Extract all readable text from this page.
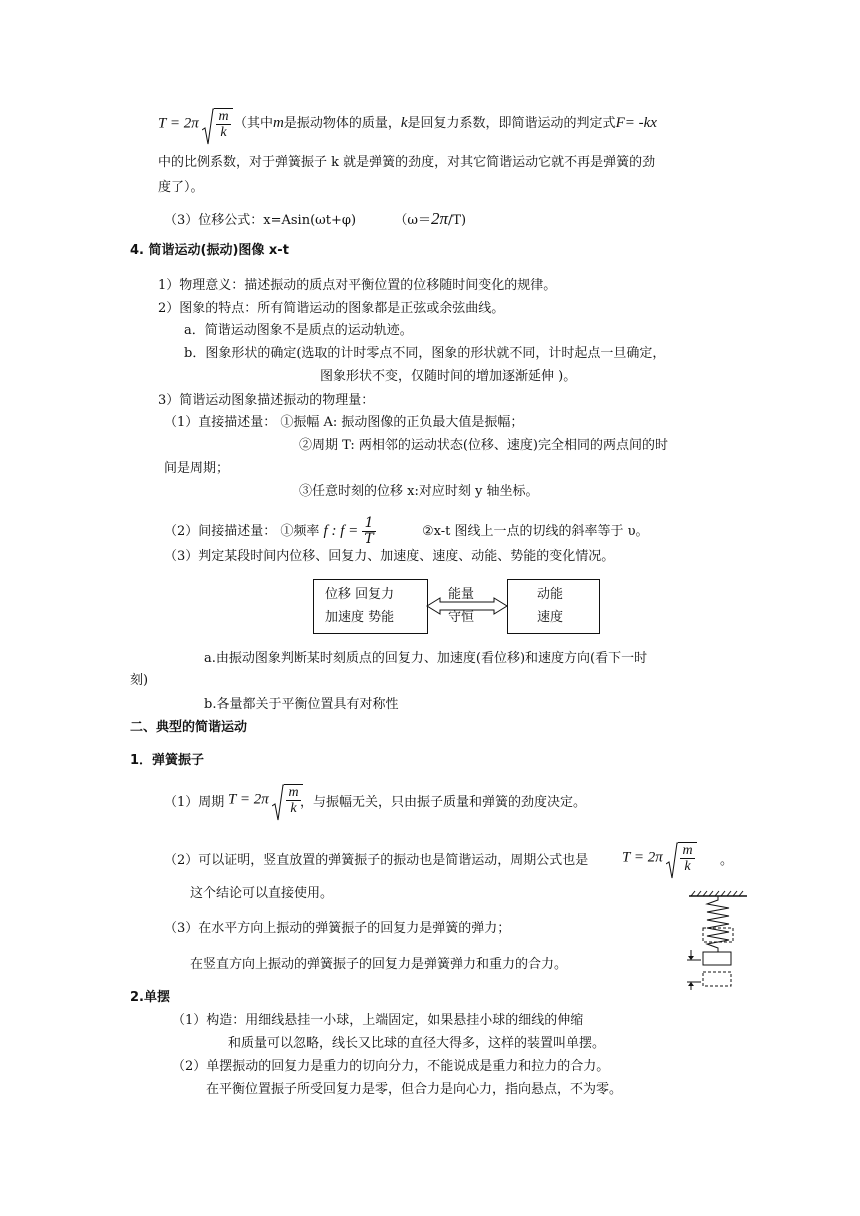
$T = 2\pi \frac{m}{k}$ （其中m是振动物体的质量，k是回复力系数，即简谐运动的判定式F= -kx
中的比例系数，对于弹簧振子 k 就是弹簧的劲度，对其它简谐运动它就不再是弹簧的劲
度了）。
（3）位移公式：x=Asin(ωt+φ)	（ω＝2π/T)
4. 简谐运动(振动)图像 x-t
1）物理意义：描述振动的质点对平衡位置的位移随时间变化的规律。
2）图象的特点：所有简谐运动的图象都是正弦或余弦曲线。
a．简谐运动图象不是质点的运动轨迹。
b．图象形状的确定(选取的计时零点不同，图象的形状就不同，计时起点一旦确定，
图象形状不变，仅随时间的增加逐渐延伸 )。
3）简谐运动图象描述振动的物理量：
（1）直接描述量： ①振幅 A: 振动图像的正负最大值是振幅；
②周期 T: 两相邻的运动状态(位移、速度)完全相同的两点间的时
间是周期；
③任意时刻的位移 x:对应时刻 y 轴坐标。
（2）间接描述量： ①频率 f : $f = \frac{1}{T}$	②x-t 图线上一点的切线的斜率等于 υ。
（3）判定某段时间内位移、回复力、加速度、速度、动能、势能的变化情况。
位移 回复力
加速度 势能
动能
速度
能量
守恒
a.由振动图象判断某时刻质点的回复力、加速度(看位移)和速度方向(看下一时
刻)
b.各量都关于平衡位置具有对称性
二、典型的简谐运动
1．弹簧振子
（1）周期 $T = 2\pi \frac{m}{k}$ ，与振幅无关，只由振子质量和弹簧的劲度决定。
（2）可以证明，竖直放置的弹簧振子的振动也是简谐运动，周期公式也是 $T = 2\pi \frac{m}{k}$ 。
这个结论可以直接使用。
（3）在水平方向上振动的弹簧振子的回复力是弹簧的弹力；
在竖直方向上振动的弹簧振子的回复力是弹簧弹力和重力的合力。
2.单摆
（1）构造：用细线悬挂一小球，上端固定，如果悬挂小球的细线的伸缩
和质量可以忽略，线长又比球的直径大得多，这样的装置叫单摆。
（2）单摆振动的回复力是重力的切向分力，不能说成是重力和拉力的合力。
在平衡位置振子所受回复力是零，但合力是向心力，指向悬点，不为零。
